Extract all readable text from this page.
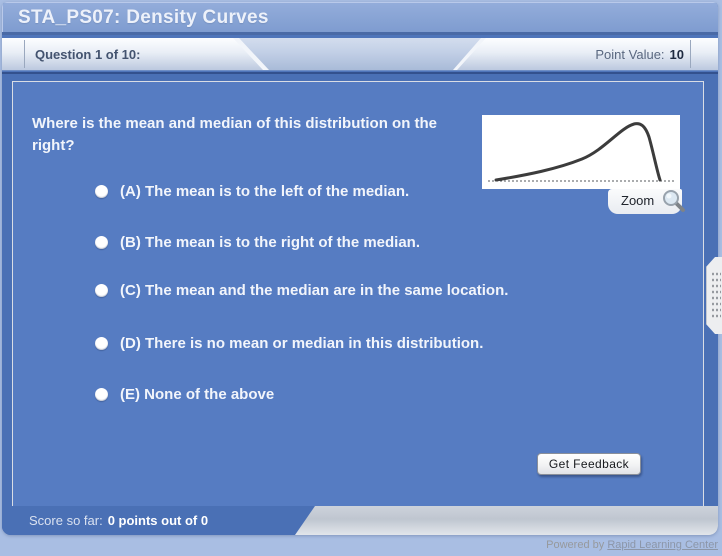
STA_PS07: Density Curves
Question 1 of 10:	Point Value: 10
Where is the mean and median of this distribution on the right?
Zoom
(A) The mean is to the left of the median.
(B) The mean is to the right of the median.
(C) The mean and the median are in the same location.
(D) There is no mean or median in this distribution.
(E) None of the above
Get Feedback
Score so far: 0 points out of 0
Powered by Rapid Learning Center
